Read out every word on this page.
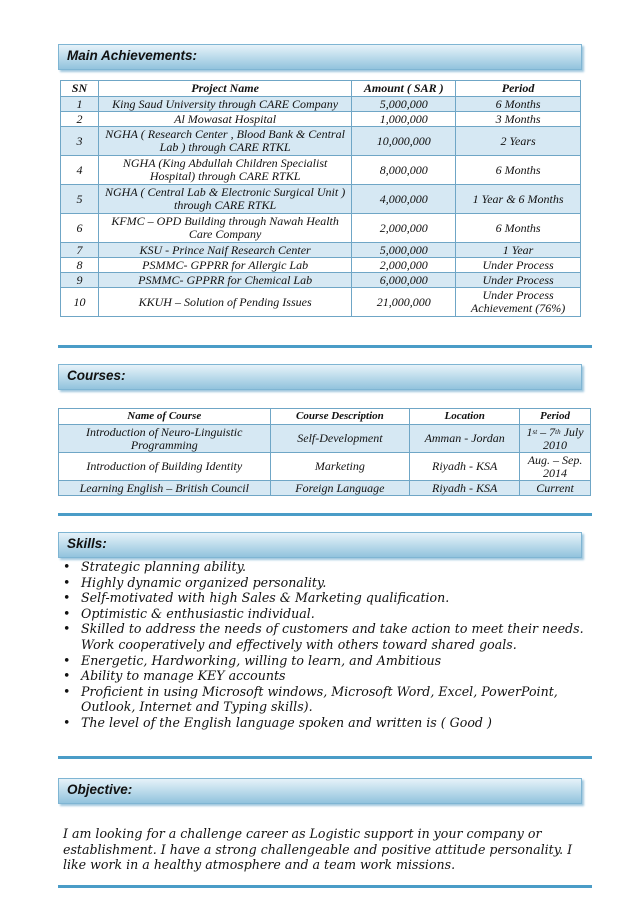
Main Achievements:
SN	Project Name	Amount ( SAR )	Period
1	King Saud University through CARE Company	5,000,000	6 Months
2	Al Mowasat Hospital	1,000,000	3 Months
3	NGHA ( Research Center , Blood Bank & Central Lab ) through CARE RTKL	10,000,000	2 Years
4	NGHA (King Abdullah Children Specialist Hospital) through CARE RTKL	8,000,000	6 Months
5	NGHA ( Central Lab & Electronic Surgical Unit ) through CARE RTKL	4,000,000	1 Year & 6 Months
6	KFMC – OPD Building through Nawah Health Care Company	2,000,000	6 Months
7	KSU - Prince Naif Research Center	5,000,000	1 Year
8	PSMMC- GPPRR for Allergic Lab	2,000,000	Under Process
9	PSMMC- GPPRR for Chemical Lab	6,000,000	Under Process
10	KKUH – Solution of Pending Issues	21,000,000	Under Process Achievement (76%)
Courses:
Name of Course	Course Description	Location	Period
Introduction of Neuro-Linguistic Programming	Self-Development	Amman - Jordan	1st – 7th July 2010
Introduction of Building Identity	Marketing	Riyadh - KSA	Aug. – Sep. 2014
Learning English – British Council	Foreign Language	Riyadh - KSA	Current
Skills:
• Strategic planning ability.
• Highly dynamic organized personality.
• Self-motivated with high Sales & Marketing qualification.
• Optimistic & enthusiastic individual.
• Skilled to address the needs of customers and take action to meet their needs. Work cooperatively and effectively with others toward shared goals.
• Energetic, Hardworking, willing to learn, and Ambitious
• Ability to manage KEY accounts
• Proficient in using Microsoft windows, Microsoft Word, Excel, PowerPoint, Outlook, Internet and Typing skills).
• The level of the English language spoken and written is ( Good )
Objective:

I am looking for a challenge career as Logistic support in your company or establishment. I have a strong challengeable and positive attitude personality. I like work in a healthy atmosphere and a team work missions.
